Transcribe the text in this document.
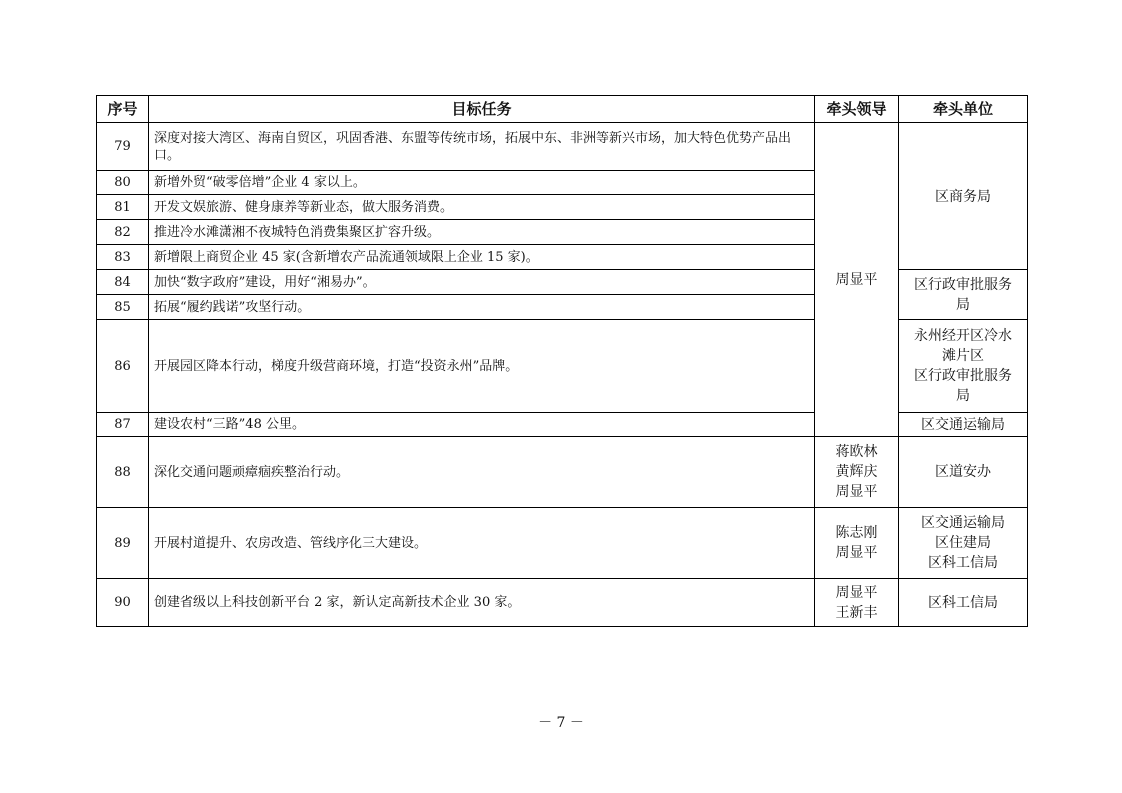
序号	目标任务	牵头领导	牵头单位
79	深度对接大湾区、海南自贸区，巩固香港、东盟等传统市场，拓展中东、非洲等新兴市场，加大特色优势产品出口。	周显平	区商务局
80	新增外贸“破零倍增”企业 4 家以上。		
81	开发文娱旅游、健身康养等新业态，做大服务消费。		
82	推进冷水滩潇湘不夜城特色消费集聚区扩容升级。		
83	新增限上商贸企业 45 家(含新增农产品流通领域限上企业 15 家)。		
84	加快“数字政府”建设，用好“湘易办”。		区行政审批服务
局

85	拓展“履约践诺”攻坚行动。		
86	开展园区降本行动，梯度升级营商环境，打造“投资永州”品牌。		永州经开区冷水
滩片区
区行政审批服务
局

87	建设农村“三路”48 公里。		区交通运输局
88	深化交通问题顽瘴痼疾整治行动。	蒋欧林
黄辉庆
周显平	区道安办
89	开展村道提升、农房改造、管线序化三大建设。	陈志刚
周显平	区交通运输局
区住建局
区科工信局

90	创建省级以上科技创新平台 2 家，新认定高新技术企业 30 家。	周显平
王新丰	区科工信局
－ 7 －
